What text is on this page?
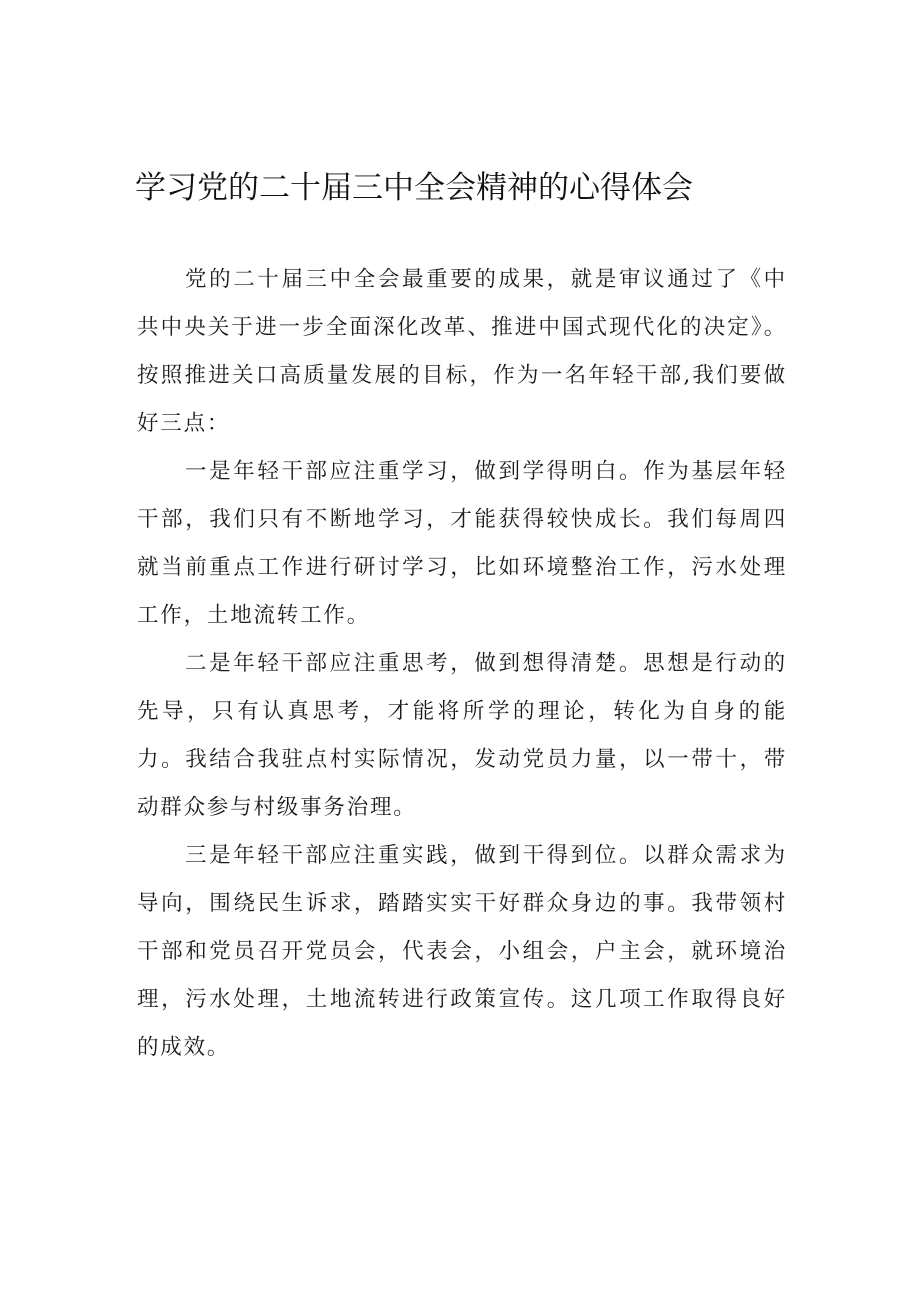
学习党的二十届三中全会精神的心得体会

党的二十届三中全会最重要的成果，就是审议通过了《中共中央关于进一步全面深化改革、推进中国式现代化的决定》。按照推进关口高质量发展的目标，作为一名年轻干部,我们要做好三点：

一是年轻干部应注重学习，做到学得明白。作为基层年轻干部，我们只有不断地学习，才能获得较快成长。我们每周四就当前重点工作进行研讨学习，比如环境整治工作，污水处理工作，土地流转工作。

二是年轻干部应注重思考，做到想得清楚。思想是行动的先导，只有认真思考，才能将所学的理论，转化为自身的能力。我结合我驻点村实际情况，发动党员力量，以一带十，带动群众参与村级事务治理。

三是年轻干部应注重实践，做到干得到位。以群众需求为导向，围绕民生诉求，踏踏实实干好群众身边的事。我带领村干部和党员召开党员会，代表会，小组会，户主会，就环境治理，污水处理，土地流转进行政策宣传。这几项工作取得良好的成效。
